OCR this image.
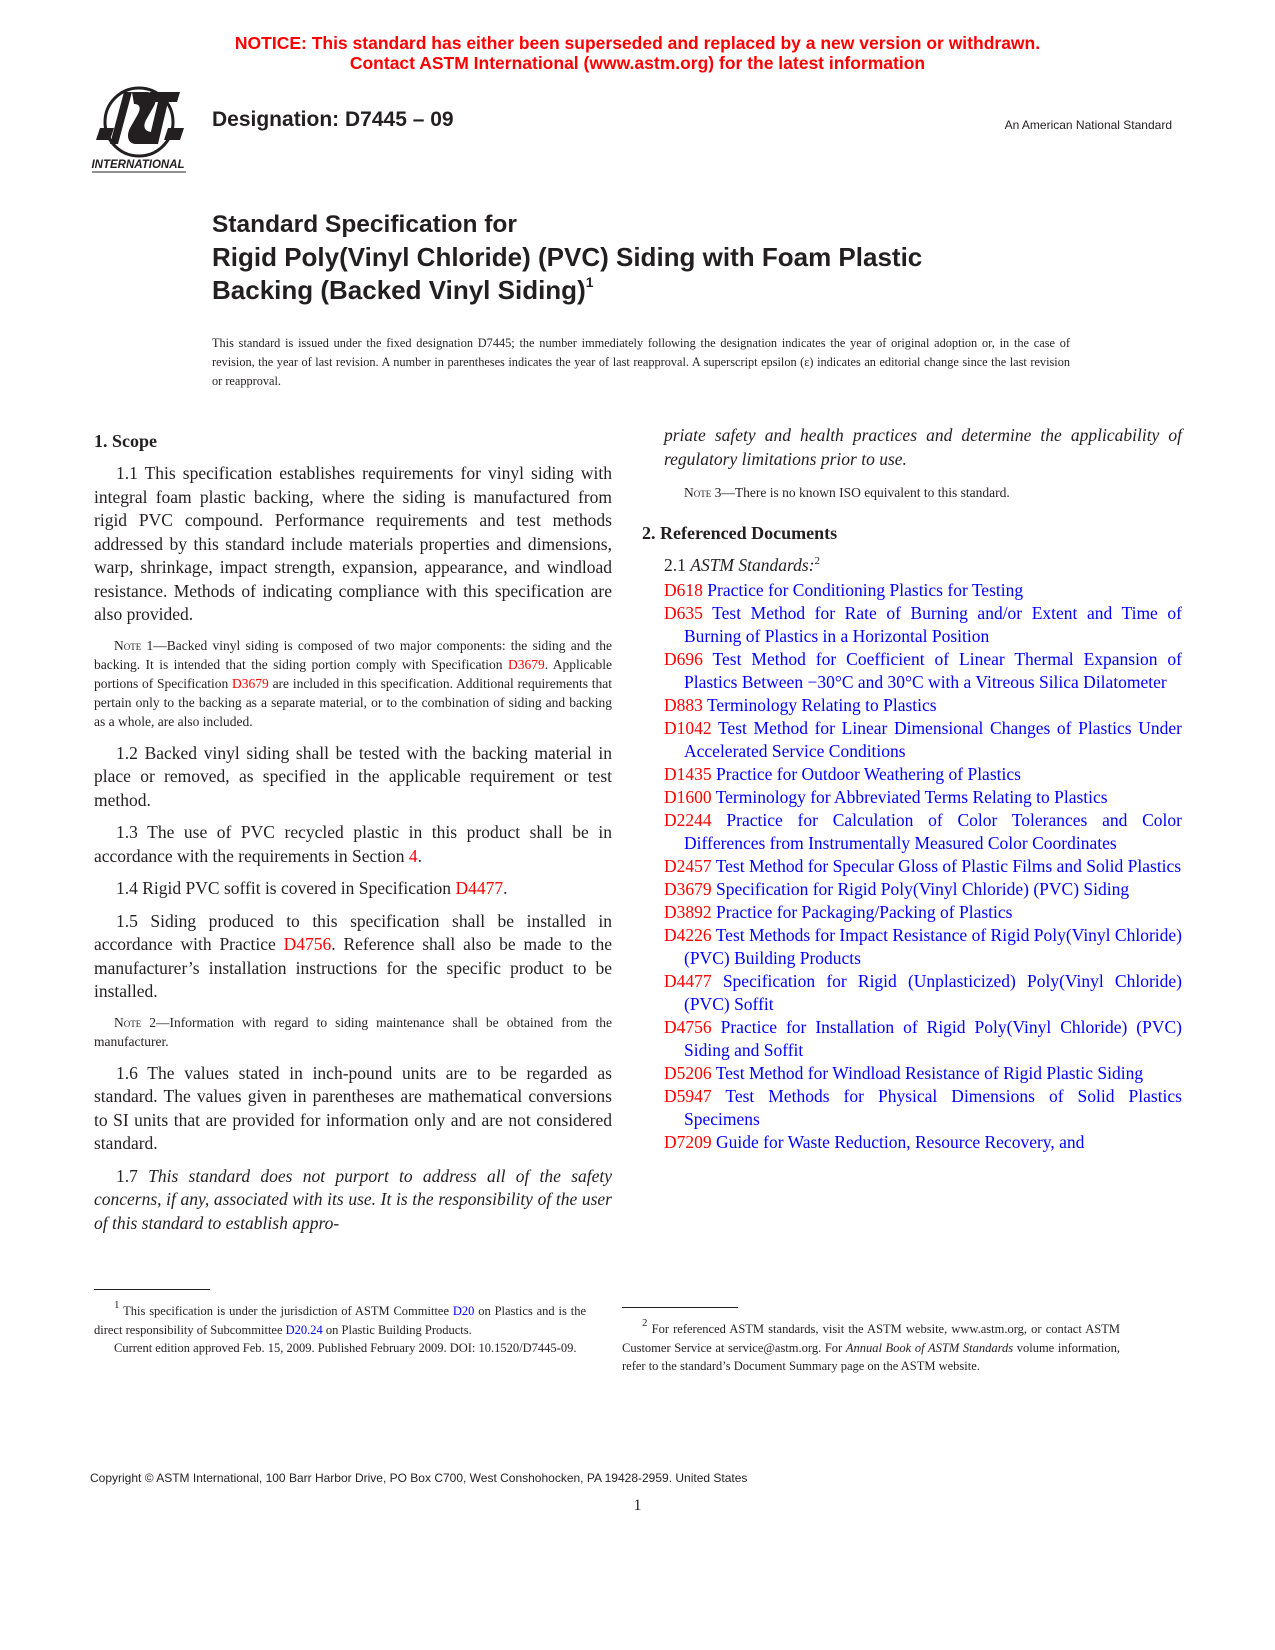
NOTICE: This standard has either been superseded and replaced by a new version or withdrawn.
Contact ASTM International (www.astm.org) for the latest information
INTERNATIONAL
Designation: D7445 – 09	An American National Standard
Standard Specification for
Rigid Poly(Vinyl Chloride) (PVC) Siding with Foam Plastic
Backing (Backed Vinyl Siding)$^1$
This standard is issued under the fixed designation D7445; the number immediately following the designation indicates the year of original adoption or, in the case of revision, the year of last revision. A number in parentheses indicates the year of last reapproval. A superscript epsilon (ε) indicates an editorial change since the last revision or reapproval.
1. Scope

1.1 This specification establishes requirements for vinyl siding with integral foam plastic backing, where the siding is manufactured from rigid PVC compound. Performance requirements and test methods addressed by this standard include materials properties and dimensions, warp, shrinkage, impact strength, expansion, appearance, and windload resistance. Methods of indicating compliance with this specification are also provided.

Note 1—Backed vinyl siding is composed of two major components: the siding and the backing. It is intended that the siding portion comply with Specification D3679. Applicable portions of Specification D3679 are included in this specification. Additional requirements that pertain only to the backing as a separate material, or to the combination of siding and backing as a whole, are also included.

1.2 Backed vinyl siding shall be tested with the backing material in place or removed, as specified in the applicable requirement or test method.

1.3 The use of PVC recycled plastic in this product shall be in accordance with the requirements in Section 4.

1.4 Rigid PVC soffit is covered in Specification D4477.

1.5 Siding produced to this specification shall be installed in accordance with Practice D4756. Reference shall also be made to the manufacturer’s installation instructions for the specific product to be installed.

Note 2—Information with regard to siding maintenance shall be obtained from the manufacturer.

1.6 The values stated in inch-pound units are to be regarded as standard. The values given in parentheses are mathematical conversions to SI units that are provided for information only and are not considered standard.

1.7 This standard does not purport to address all of the safety concerns, if any, associated with its use. It is the responsibility of the user of this standard to establish appro-

priate safety and health practices and determine the applicability of regulatory limitations prior to use.

Note 3—There is no known ISO equivalent to this standard.

2. Referenced Documents

2.1 ASTM Standards:$^2$

D618 Practice for Conditioning Plastics for Testing

D635 Test Method for Rate of Burning and/or Extent and Time of Burning of Plastics in a Horizontal Position

D696 Test Method for Coefficient of Linear Thermal Expansion of Plastics Between −30°C and 30°C with a Vitreous Silica Dilatometer

D883 Terminology Relating to Plastics

D1042 Test Method for Linear Dimensional Changes of Plastics Under Accelerated Service Conditions

D1435 Practice for Outdoor Weathering of Plastics

D1600 Terminology for Abbreviated Terms Relating to Plastics

D2244 Practice for Calculation of Color Tolerances and Color Differences from Instrumentally Measured Color Coordinates

D2457 Test Method for Specular Gloss of Plastic Films and Solid Plastics

D3679 Specification for Rigid Poly(Vinyl Chloride) (PVC) Siding

D3892 Practice for Packaging/Packing of Plastics

D4226 Test Methods for Impact Resistance of Rigid Poly(Vinyl Chloride) (PVC) Building Products

D4477 Specification for Rigid (Unplasticized) Poly(Vinyl Chloride) (PVC) Soffit

D4756 Practice for Installation of Rigid Poly(Vinyl Chloride) (PVC) Siding and Soffit

D5206 Test Method for Windload Resistance of Rigid Plastic Siding

D5947 Test Methods for Physical Dimensions of Solid Plastics Specimens

D7209 Guide for Waste Reduction, Resource Recovery, and

$^1$ This specification is under the jurisdiction of ASTM Committee D20 on Plastics and is the direct responsibility of Subcommittee D20.24 on Plastic Building Products.

Current edition approved Feb. 15, 2009. Published February 2009. DOI: 10.1520/D7445-09.

$^2$ For referenced ASTM standards, visit the ASTM website, www.astm.org, or contact ASTM Customer Service at service@astm.org. For Annual Book of ASTM Standards volume information, refer to the standard’s Document Summary page on the ASTM website.

Copyright © ASTM International, 100 Barr Harbor Drive, PO Box C700, West Conshohocken, PA 19428-2959. United States
1
